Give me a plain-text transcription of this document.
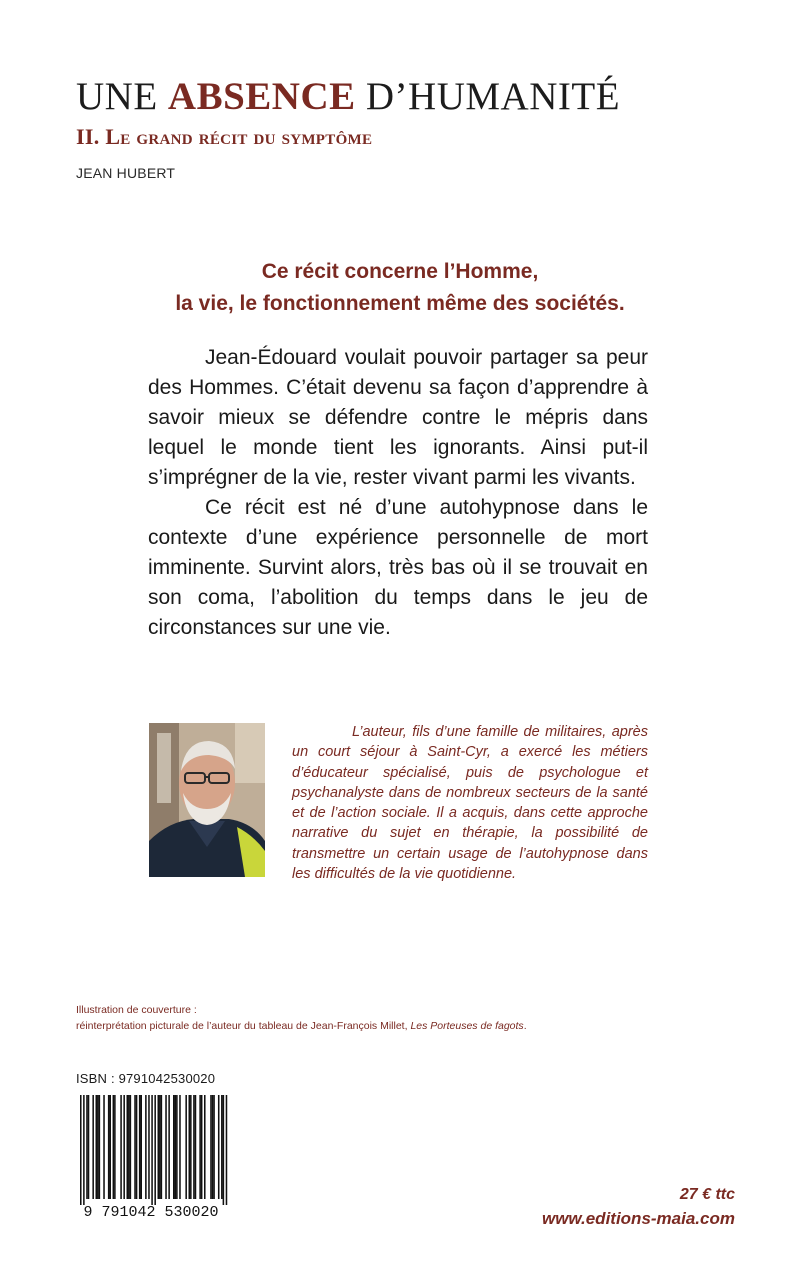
UNE ABSENCE D’HUMANITÉ
II. Le grand récit du symptôme
JEAN HUBERT
Ce récit concerne l’Homme,
la vie, le fonctionnement même des sociétés.

Jean-Édouard voulait pouvoir partager sa peur des Hommes. C’était devenu sa façon d’apprendre à savoir mieux se défendre contre le mépris dans lequel le monde tient les ignorants. Ainsi put-il s’imprégner de la vie, rester vivant parmi les vivants.

Ce récit est né d’une autohypnose dans le contexte d’une expérience personnelle de mort imminente. Survint alors, très bas où il se trouvait en son coma, l’abolition du temps dans le jeu de circonstances sur une vie.

L’auteur, fils d’une famille de militaires, après un court séjour à Saint-Cyr, a exercé les métiers d’éducateur spécialisé, puis de psychologue et psychanalyste dans de nombreux secteurs de la santé et de l’action sociale. Il a acquis, dans cette approche narrative du sujet en thérapie, la possibilité de transmettre un certain usage de l’autohypnose dans les difficultés de la vie quotidienne.

Illustration de couverture :
réinterprétation picturale de l’auteur du tableau de Jean-François Millet, Les Porteuses de fagots.
ISBN : 9791042530020
9 791042 530020
27 € ttc
www.editions-maia.com
